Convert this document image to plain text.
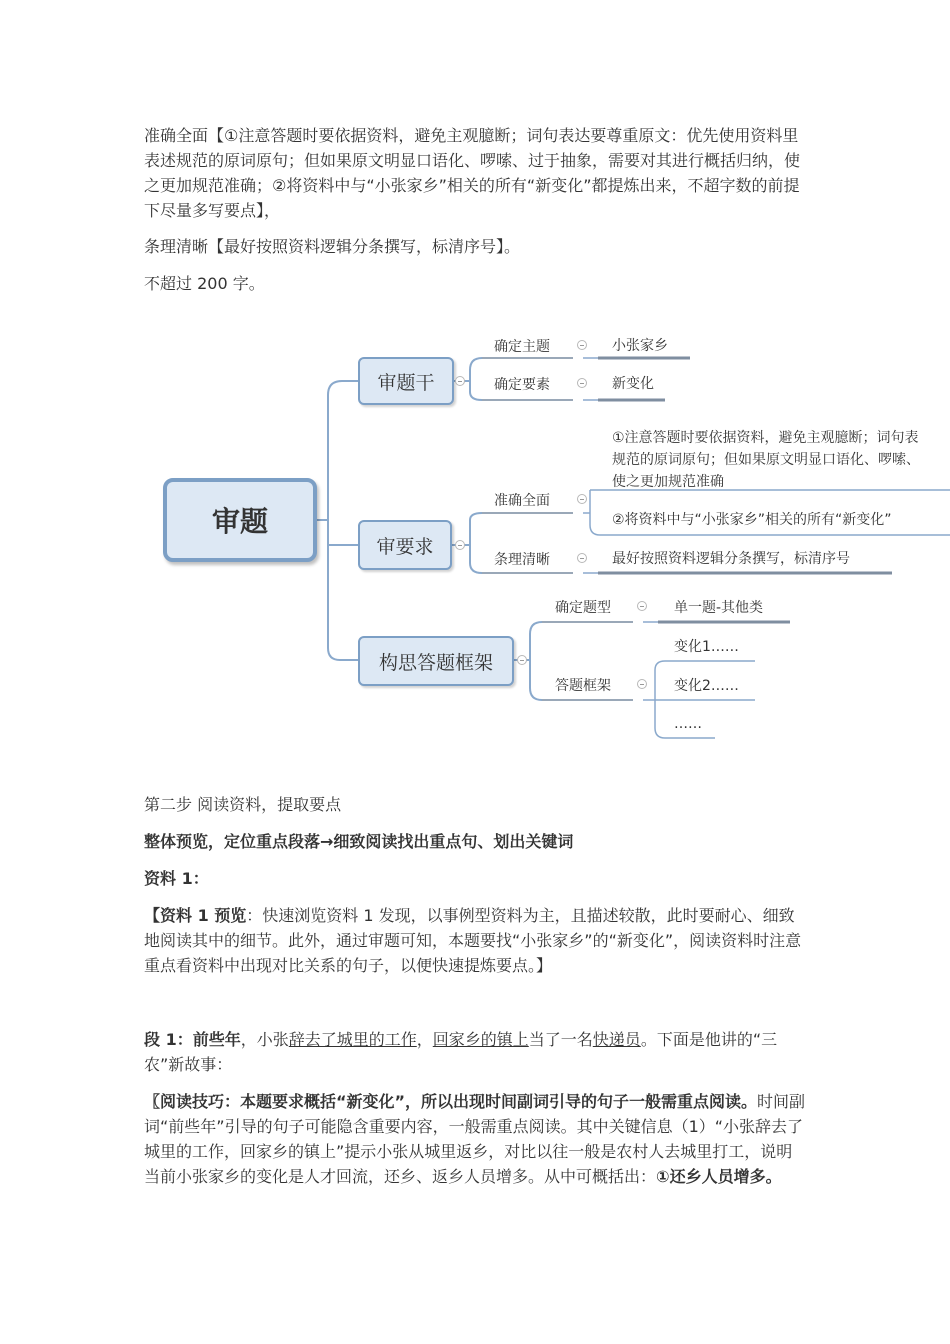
准确全面【①注意答题时要依据资料，避免主观臆断；词句表达要尊重原文：优先使用资料里表述规范的原词原句；但如果原文明显口语化、啰嗦、过于抽象，需要对其进行概括归纳，使之更加规范准确；②将资料中与“小张家乡”相关的所有“新变化”都提炼出来，不超字数的前提下尽量多写要点】，

条理清晰【最好按照资料逻辑分条撰写，标清序号】。

不超过 200 字。

审题
审题干
审要求
构思答题框架
确定主题	小张家乡
确定要素	新变化
准确全面
①注意答题时要依据资料，避免主观臆断；词句表
规范的原词原句；但如果原文明显口语化、啰嗦、
使之更加规范准确
②将资料中与“小张家乡”相关的所有“新变化”
条理清晰	最好按照资料逻辑分条撰写，标清序号
确定题型	单一题-其他类
答题框架
变化1……
变化2……
……

第二步 阅读资料，提取要点

整体预览，定位重点段落→细致阅读找出重点句、划出关键词

资料 1：

【资料 1 预览：快速浏览资料 1 发现，以事例型资料为主，且描述较散，此时要耐心、细致地阅读其中的细节。此外，通过审题可知，本题要找“小张家乡”的“新变化”，阅读资料时注意重点看资料中出现对比关系的句子，以便快速提炼要点。】

段 1：前些年，小张辞去了城里的工作，回家乡的镇上当了一名快递员。下面是他讲的“三农”新故事：

〖阅读技巧：本题要求概括“新变化”，所以出现时间副词引导的句子一般需重点阅读。时间副词“前些年”引导的句子可能隐含重要内容，一般需重点阅读。其中关键信息（1）“小张辞去了城里的工作，回家乡的镇上”提示小张从城里返乡，对比以往一般是农村人去城里打工，说明当前小张家乡的变化是人才回流，还乡、返乡人员增多。从中可概括出：①还乡人员增多。
